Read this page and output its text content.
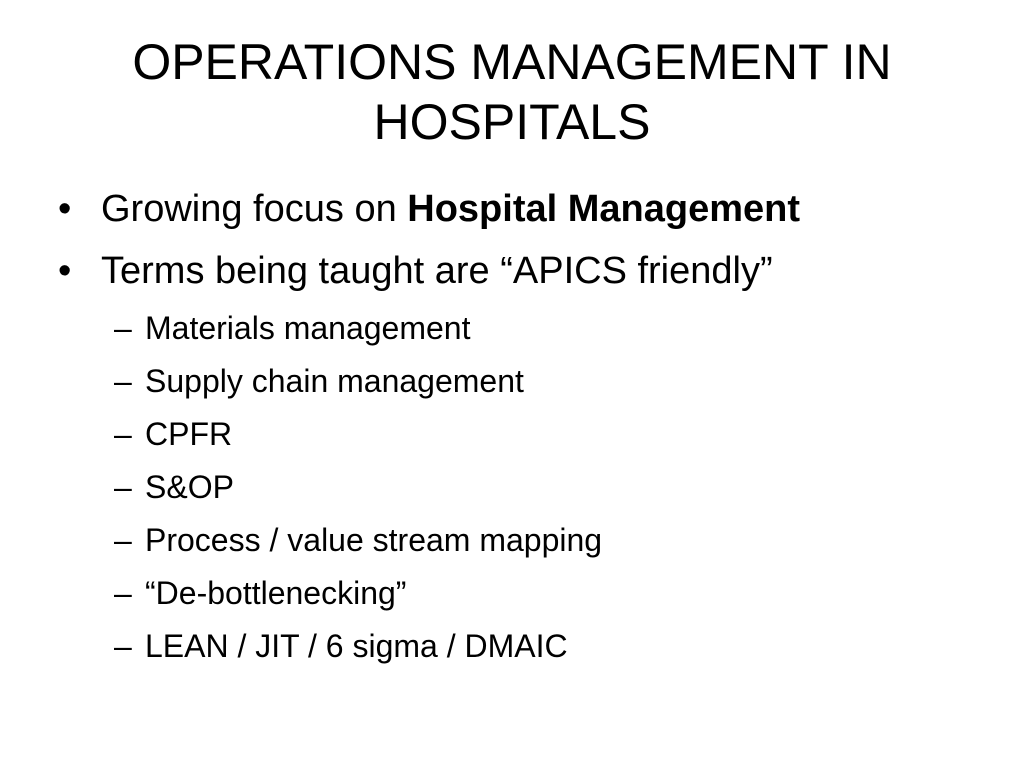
OPERATIONS MANAGEMENT IN
HOSPITALS
• Growing focus on Hospital Management
• Terms being taught are “APICS friendly”
– Materials management
– Supply chain management
– CPFR
– S&OP
– Process / value stream mapping
– “De-bottlenecking”
– LEAN / JIT / 6 sigma / DMAIC
